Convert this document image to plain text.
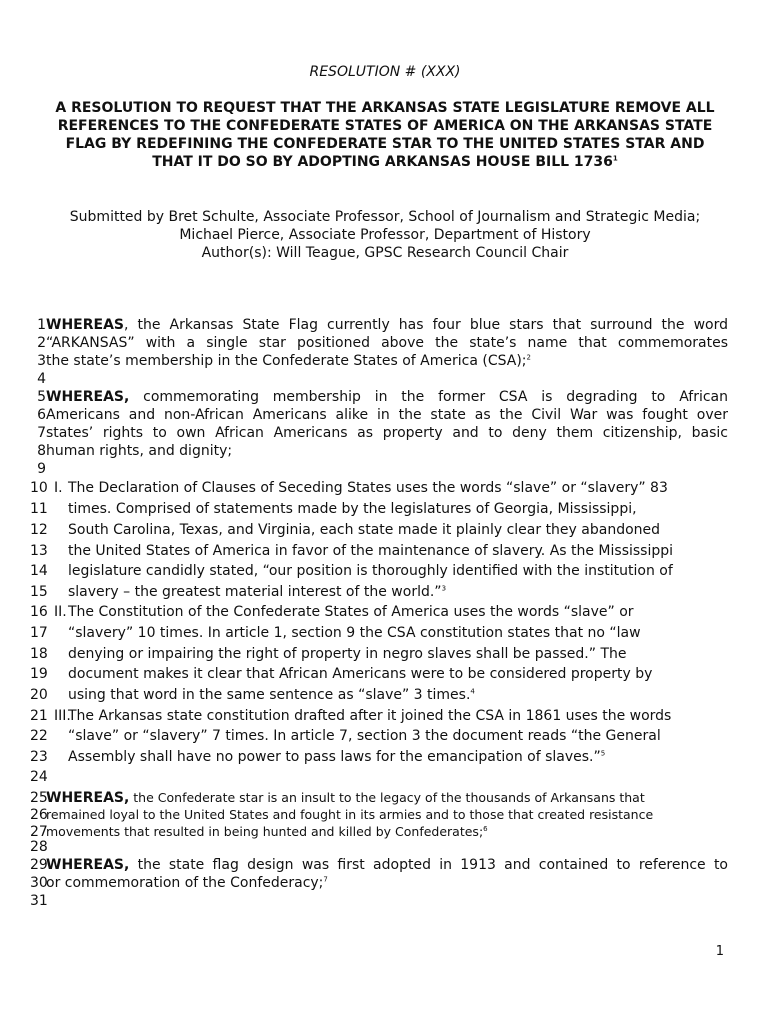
RESOLUTION # (XXX)
A RESOLUTION TO REQUEST THAT THE ARKANSAS STATE LEGISLATURE REMOVE ALL REFERENCES TO THE CONFEDERATE STATES OF AMERICA ON THE ARKANSAS STATE FLAG BY REDEFINING THE CONFEDERATE STAR TO THE UNITED STATES STAR AND THAT IT DO SO BY ADOPTING ARKANSAS HOUSE BILL 1736$^1$
Submitted by Bret Schulte, Associate Professor, School of Journalism and Strategic Media;
Michael Pierce, Associate Professor, Department of History
Author(s): Will Teague, GPSC Research Council Chair
1 WHEREAS, the Arkansas State Flag currently has four blue stars that surround the word
2 “ARKANSAS” with a single star positioned above the state’s name that commemorates
3 the state’s membership in the Confederate States of America (CSA);$^2$
4
5 WHEREAS, commemorating membership in the former CSA is degrading to African
6 Americans and non-African Americans alike in the state as the Civil War was fought over
7 states’ rights to own African Americans as property and to deny them citizenship, basic
8 human rights, and dignity;
9
10 I. The Declaration of Clauses of Seceding States uses the words “slave” or “slavery” 83
11 times. Comprised of statements made by the legislatures of Georgia, Mississippi,
12 South Carolina, Texas, and Virginia, each state made it plainly clear they abandoned
13 the United States of America in favor of the maintenance of slavery. As the Mississippi
14 legislature candidly stated, “our position is thoroughly identified with the institution of
15 slavery – the greatest material interest of the world.”$^3$
16 II. The Constitution of the Confederate States of America uses the words “slave” or
17 “slavery” 10 times. In article 1, section 9 the CSA constitution states that no “law
18 denying or impairing the right of property in negro slaves shall be passed.” The
19 document makes it clear that African Americans were to be considered property by
20 using that word in the same sentence as “slave” 3 times.$^4$
21 III.
The Arkansas state constitution drafted after it joined the CSA in 1861 uses the words
22 “slave” or “slavery” 7 times. In article 7, section 3 the document reads “the General
23 Assembly shall have no power to pass laws for the emancipation of slaves.”$^5$
24
25
WHEREAS, the Confederate star is an insult to the legacy of the thousands of Arkansans that
26
remained loyal to the United States and fought in its armies and to those that created resistance
27
movements that resulted in being hunted and killed by Confederates;$^6$
28
29
WHEREAS, the state flag design was first adopted in 1913 and contained to reference to
30
or commemoration of the Confederacy;$^7$
31
1
